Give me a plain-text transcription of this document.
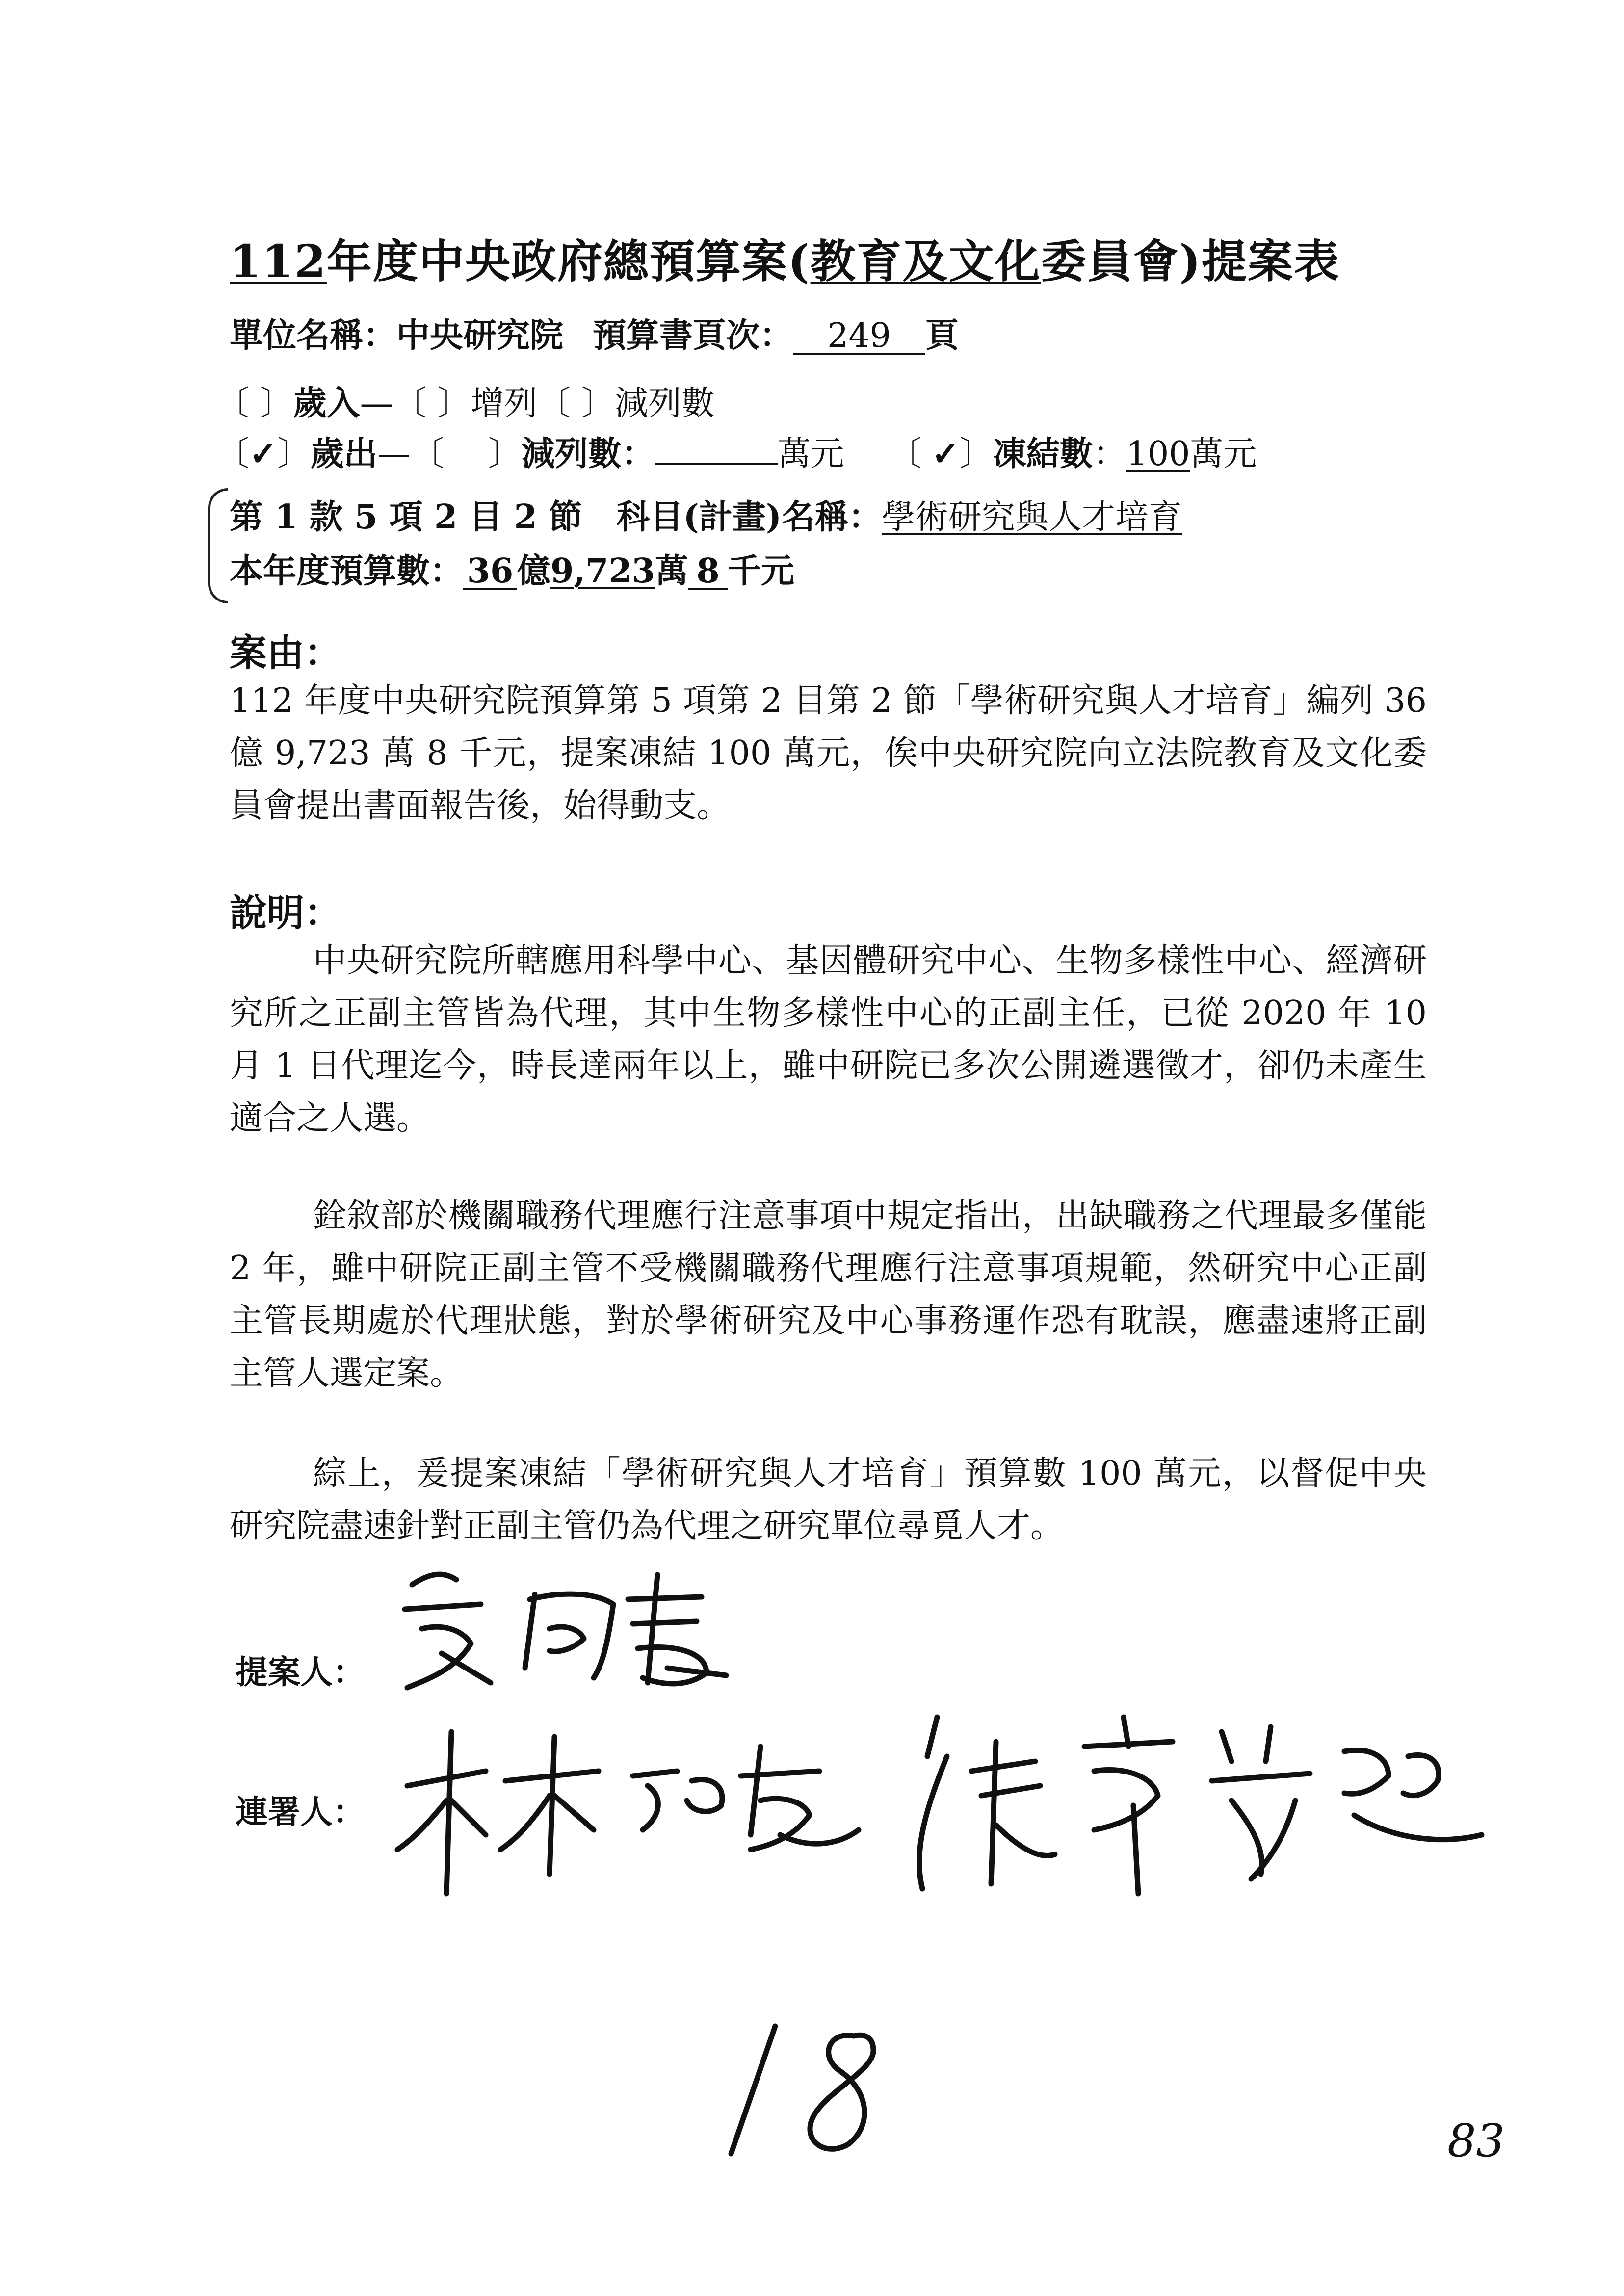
112年度中央政府總預算案(教育及文化委員會)提案表
單位名稱：中央研究院 預算書頁次： 249 頁
〔 〕歲入—〔 〕增列〔 〕減列數
〔✓〕歲出—〔　 〕減列數：	萬元 〔 ✓〕凍結數：100萬元
第 1 款 5 項 2 目 2 節 科目(計畫)名稱：學術研究與人才培育
本年度預算數： 36 億9,723萬 8 千元
案由：
112 年度中央研究院預算第 5 項第 2 目第 2 節「學術研究與人才培育」編列 36 億 9,723 萬 8 千元，提案凍結 100 萬元，俟中央研究院向立法院教育及文化委員會提出書面報告後，始得動支。
說明：
中央研究院所轄應用科學中心、基因體研究中心、生物多樣性中心、經濟研究所之正副主管皆為代理，其中生物多樣性中心的正副主任，已從 2020 年 10 月 1 日代理迄今，時長達兩年以上，雖中研院已多次公開遴選徵才，卻仍未產生適合之人選。
銓敘部於機關職務代理應行注意事項中規定指出，出缺職務之代理最多僅能 2 年，雖中研院正副主管不受機關職務代理應行注意事項規範，然研究中心正副主管長期處於代理狀態，對於學術研究及中心事務運作恐有耽誤，應盡速將正副主管人選定案。
綜上，爰提案凍結「學術研究與人才培育」預算數 100 萬元，以督促中央研究院盡速針對正副主管仍為代理之研究單位尋覓人才。
提案人：
連署人：
18
83
